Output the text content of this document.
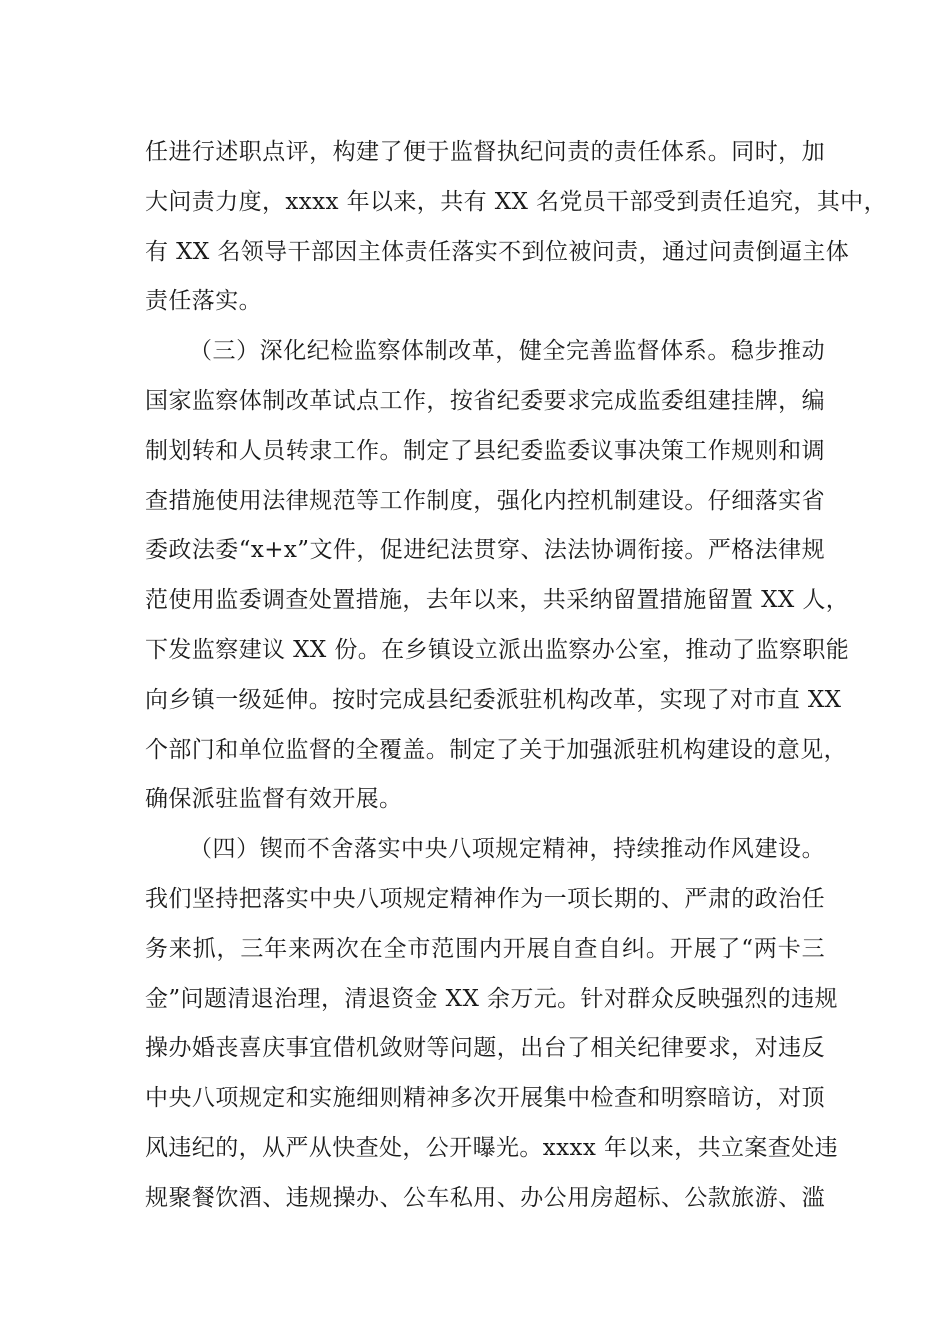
任进行述职点评，构建了便于监督执纪问责的责任体系。同时，加
大问责力度，xxxx 年以来，共有 XX 名党员干部受到责任追究，其中，
有 XX 名领导干部因主体责任落实不到位被问责，通过问责倒逼主体
责任落实。
（三）深化纪检监察体制改革，健全完善监督体系。稳步推动
国家监察体制改革试点工作，按省纪委要求完成监委组建挂牌，编
制划转和人员转隶工作。制定了县纪委监委议事决策工作规则和调
查措施使用法律规范等工作制度，强化内控机制建设。仔细落实省
委政法委“x+x”文件，促进纪法贯穿、法法协调衔接。严格法律规
范使用监委调查处置措施，去年以来，共采纳留置措施留置 XX 人，
下发监察建议 XX 份。在乡镇设立派出监察办公室，推动了监察职能
向乡镇一级延伸。按时完成县纪委派驻机构改革，实现了对市直 XX
个部门和单位监督的全覆盖。制定了关于加强派驻机构建设的意见，
确保派驻监督有效开展。
（四）锲而不舍落实中央八项规定精神，持续推动作风建设。
我们坚持把落实中央八项规定精神作为一项长期的、严肃的政治任
务来抓，三年来两次在全市范围内开展自查自纠。开展了“两卡三
金”问题清退治理，清退资金 XX 余万元。针对群众反映强烈的违规
操办婚丧喜庆事宜借机敛财等问题，出台了相关纪律要求，对违反
中央八项规定和实施细则精神多次开展集中检查和明察暗访，对顶
风违纪的，从严从快查处，公开曝光。xxxx 年以来，共立案查处违
规聚餐饮酒、违规操办、公车私用、办公用房超标、公款旅游、滥
